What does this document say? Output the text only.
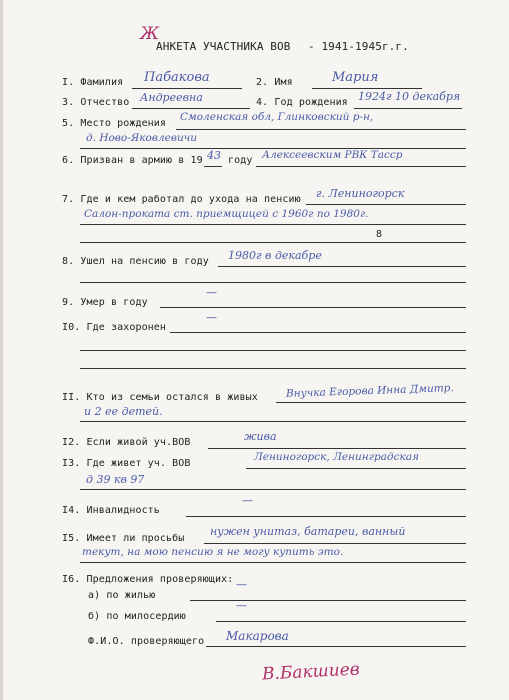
Ж
АНКЕТА УЧАСТНИКА ВОВ - 1941-1945г.г.
I. Фамилия Пабакова	2. Имя	Мария
3. Отчество Андреевна	4. Год рождения 1924г 10 декабря
5. Место рождения
Смоленская обл, Глинковский р-н,
д. Ново-Яковлевичи
6. Призван в армию в 19 43 году Алексеевским РВК Тасср
7. Где и кем работал до ухода на пенсию г. Лениногорск
Салон-проката ст. приемщицей с 1960г по 1980г.
8
8. Ушел на пенсию в году 1980г в декабре
9. Умер в году
—
I0. Где захоронен
—
II. Кто из семьи остался в живых	Внучка Егорова Инна Дмитр.
и 2 ее детей.
I2. Если живой уч.ВОВ	жива
I3. Где живет уч. ВОВ
Лениногорск, Ленинградская
д 39 кв 97
I4. Инвалидность
—
I5. Имеет ли просьбы
нужен унитаз, батареи, ванный
текут, на мою пенсию я не могу купить это.
I6. Предложения проверяющих:
а) по жилью
—
б) по милосердию
—
Ф.И.О. проверяющего Макарова
В.Бакшиев
